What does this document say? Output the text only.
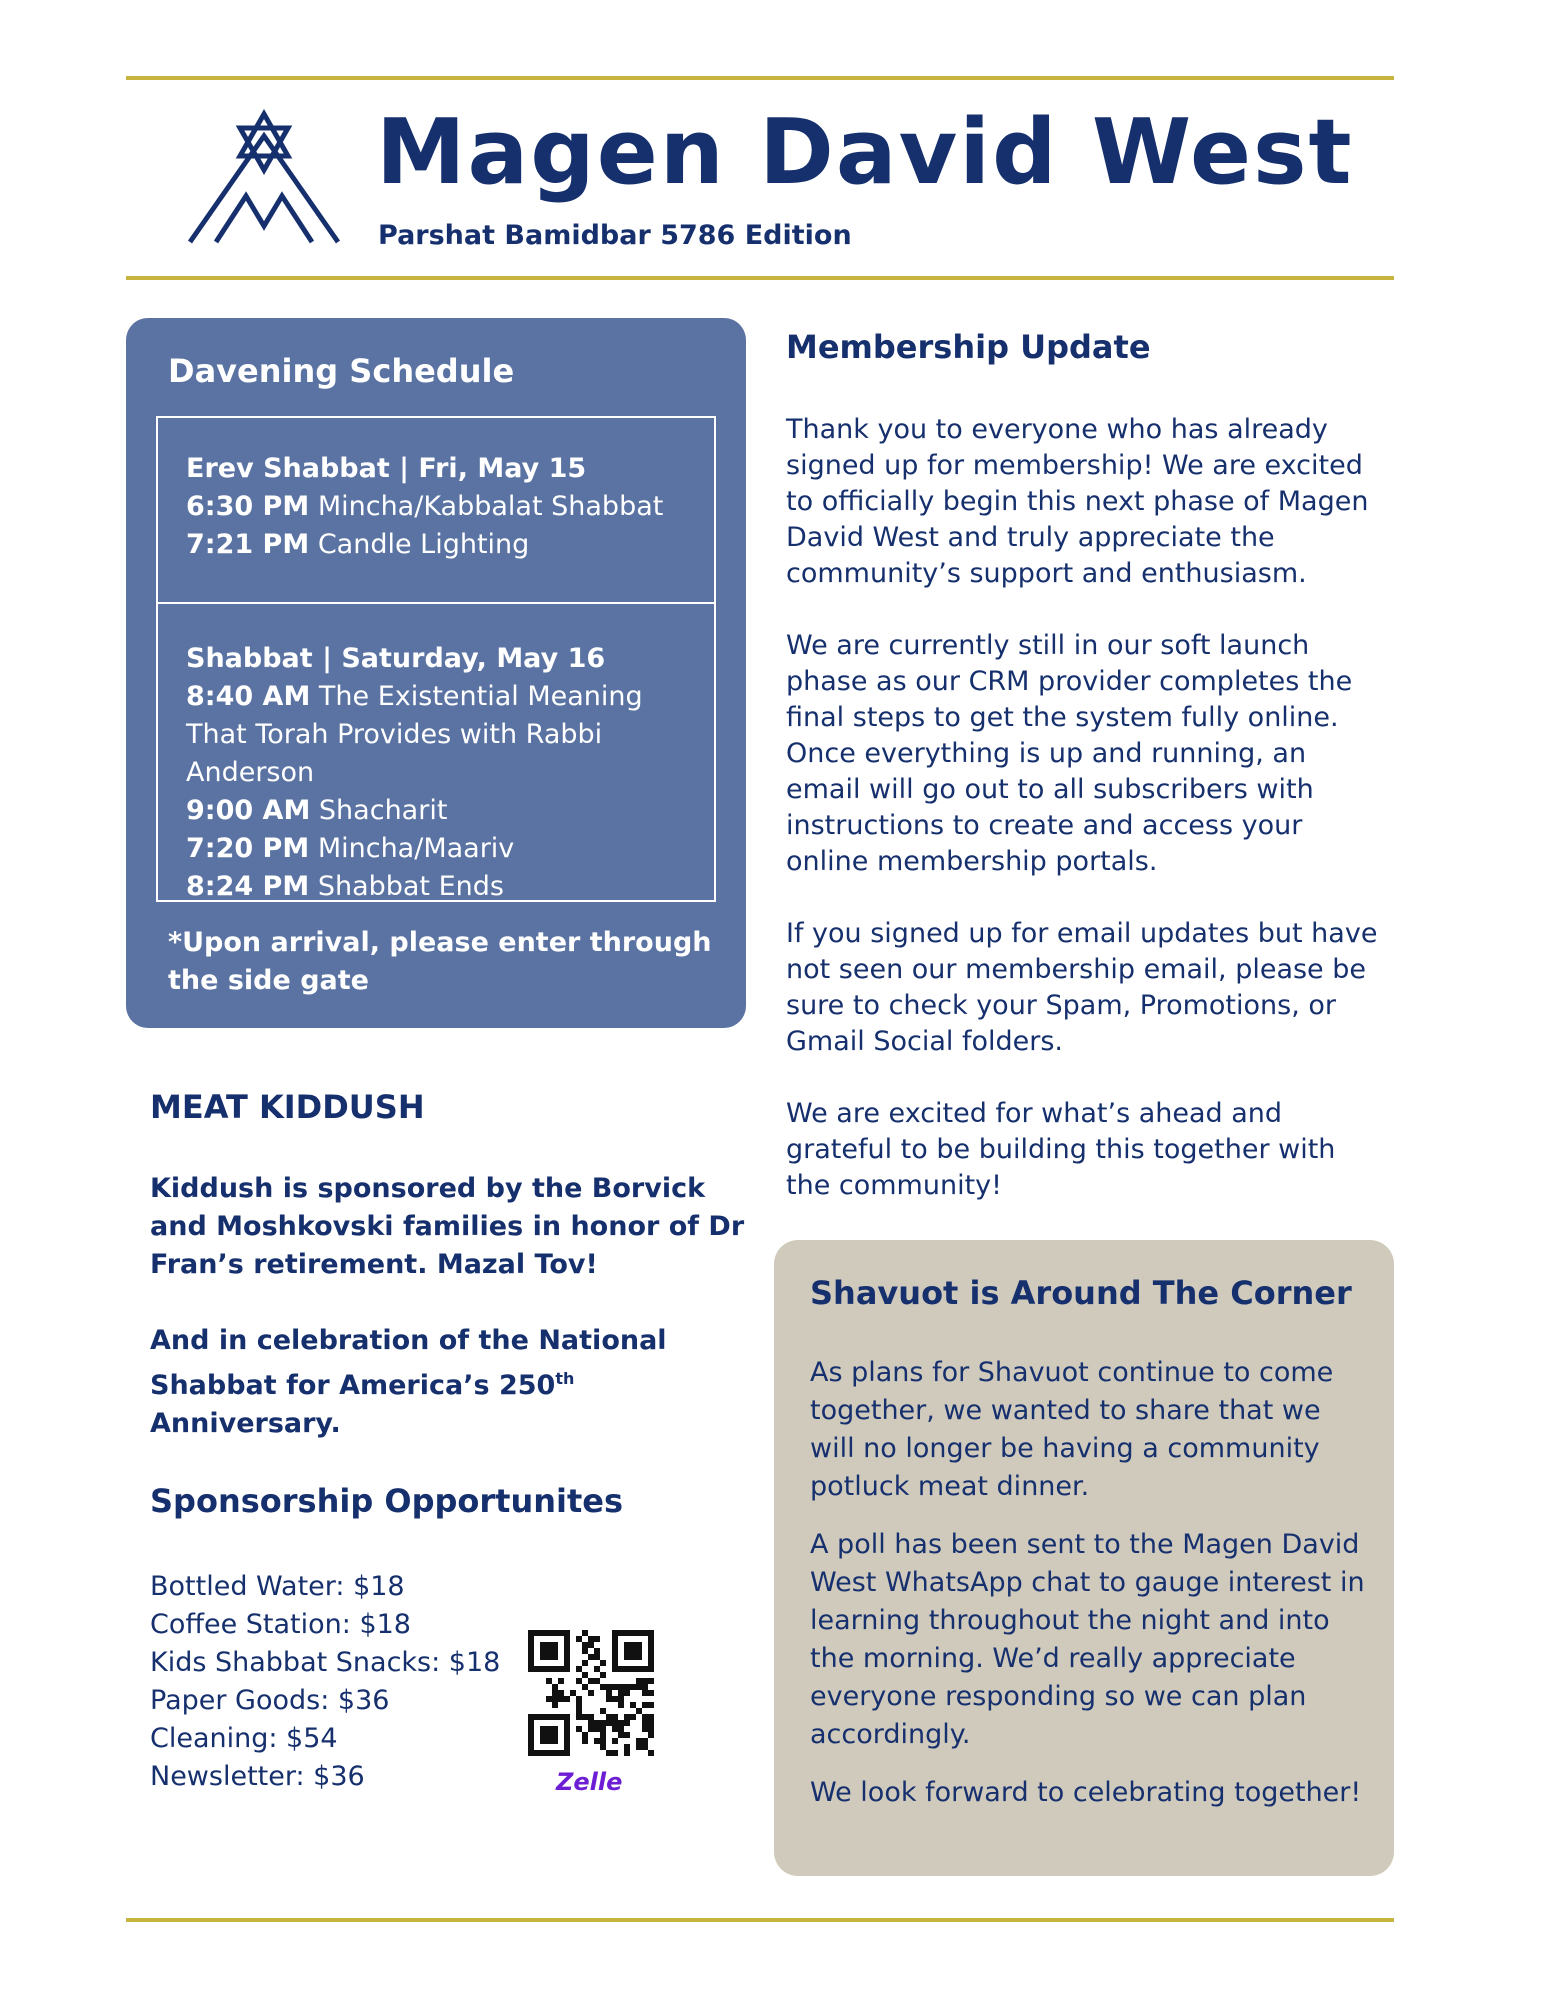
Magen David West
Parshat Bamidbar 5786 Edition
Davening Schedule
Erev Shabbat | Fri, May 15
6:30 PM Mincha/Kabbalat Shabbat
7:21 PM Candle Lighting
Shabbat | Saturday, May 16
8:40 AM The Existential Meaning That Torah Provides with Rabbi Anderson
9:00 AM Shacharit
7:20 PM Mincha/Maariv
8:24 PM Shabbat Ends
*Upon arrival, please enter through the side gate
MEAT KIDDUSH

Kiddush is sponsored by the Borvick and Moshkovski families in honor of Dr Fran’s retirement. Mazal Tov!

And in celebration of the National Shabbat for America’s 250th Anniversary.

Sponsorship Opportunites
Bottled Water: $18
Coffee Station: $18
Kids Shabbat Snacks: $18
Paper Goods: $36
Cleaning: $54
Newsletter: $36	Zelle
Membership Update

Thank you to everyone who has already signed up for membership! We are excited to officially begin this next phase of Magen David West and truly appreciate the community’s support and enthusiasm.

We are currently still in our soft launch phase as our CRM provider completes the final steps to get the system fully online. Once everything is up and running, an email will go out to all subscribers with instructions to create and access your online membership portals.

If you signed up for email updates but have not seen our membership email, please be sure to check your Spam, Promotions, or Gmail Social folders.

We are excited for what’s ahead and grateful to be building this together with the community!

Shavuot is Around The Corner

As plans for Shavuot continue to come together, we wanted to share that we will no longer be having a community potluck meat dinner.

A poll has been sent to the Magen David West WhatsApp chat to gauge interest in learning throughout the night and into the morning. We’d really appreciate everyone responding so we can plan accordingly.

We look forward to celebrating together!
